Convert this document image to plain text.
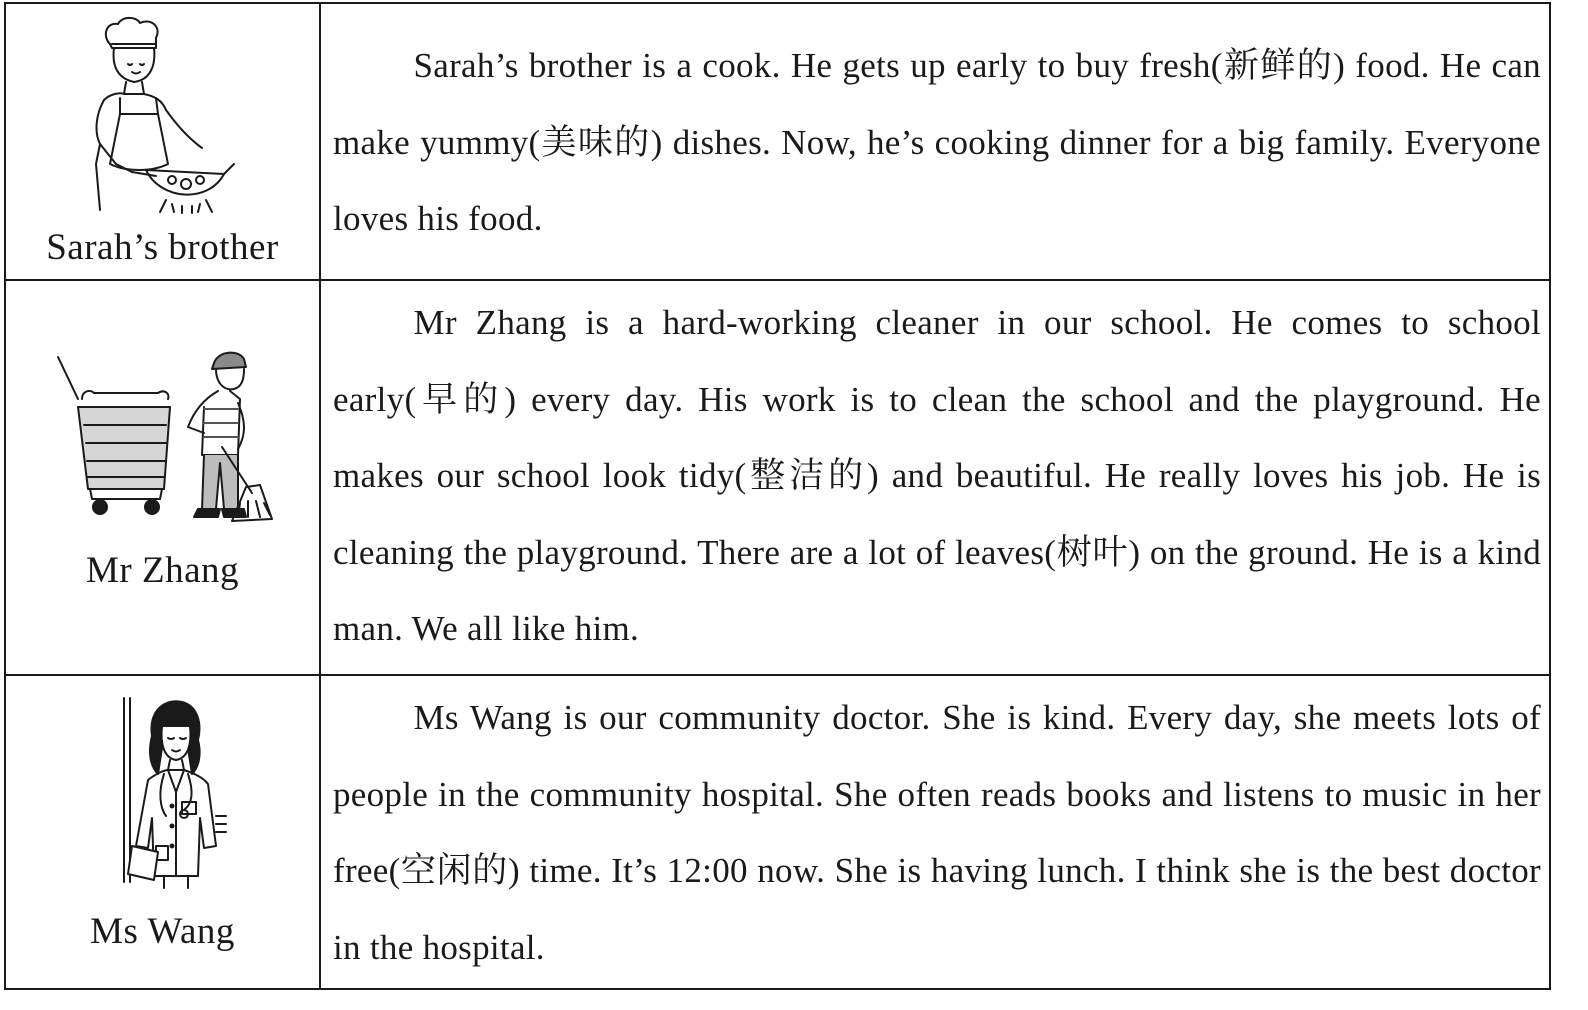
Sarah’s brother

Sarah’s brother is a cook. He gets up early to buy fresh(新鲜的) food. He can make yummy(美味的) dishes. Now, he’s cooking dinner for a big family. Everyone loves his food.

Mr Zhang

Mr Zhang is a hard-working cleaner in our school. He comes to school early(早的) every day. His work is to clean the school and the playground. He makes our school look tidy(整洁的) and beautiful. He really loves his job. He is cleaning the playground. There are a lot of leaves(树叶) on the ground. He is a kind man. We all like him.

Ms Wang

Ms Wang is our community doctor. She is kind. Every day, she meets lots of people in the community hospital. She often reads books and listens to music in her free(空闲的) time. It’s 12:00 now. She is having lunch. I think she is the best doctor in the hospital.
